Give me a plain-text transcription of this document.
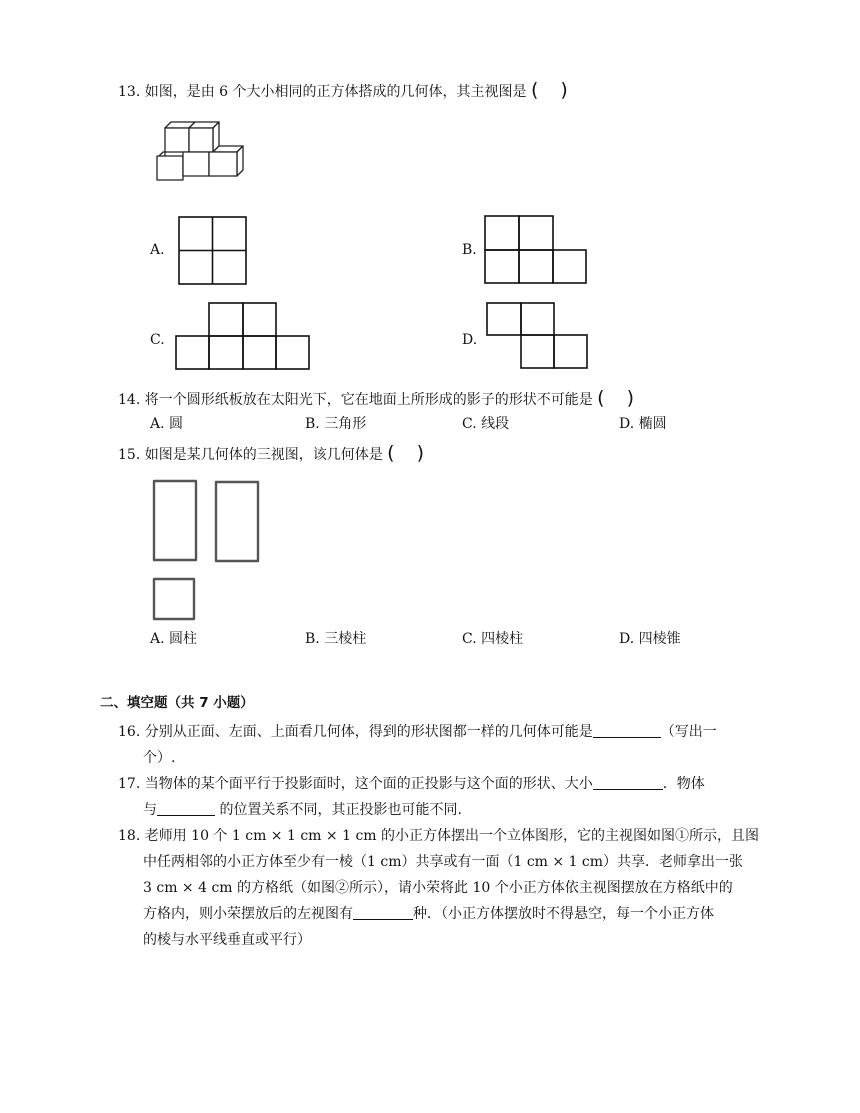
13. 如图，是由 6 个大小相同的正方体搭成的几何体，其主视图是 ( )
A.	B.
C.	D.
14. 将一个圆形纸板放在太阳光下，它在地面上所形成的影子的形状不可能是 ( )
A. 圆	B. 三角形	C. 线段	D. 椭圆
15. 如图是某几何体的三视图，该几何体是 ( )
A. 圆柱	B. 三棱柱	C. 四棱柱	D. 四棱锥
二、填空题（共 7 小题）
16. 分别从正面、左面、上面看几何体，得到的形状图都一样的几何体可能是	（写出一
个）.
17. 当物体的某个面平行于投影面时，这个面的正投影与这个面的形状、大小	．物体
与	的位置关系不同，其正投影也可能不同.
18. 老师用 10 个 1 cm × 1 cm × 1 cm 的小正方体摆出一个立体图形，它的主视图如图①所示，且图
中任两相邻的小正方体至少有一棱（1 cm）共享或有一面（1 cm × 1 cm）共享．老师拿出一张
3 cm × 4 cm 的方格纸（如图②所示），请小荣将此 10 个小正方体依主视图摆放在方格纸中的
方格内，则小荣摆放后的左视图有	种．（小正方体摆放时不得悬空，每一个小正方体
的棱与水平线垂直或平行）
